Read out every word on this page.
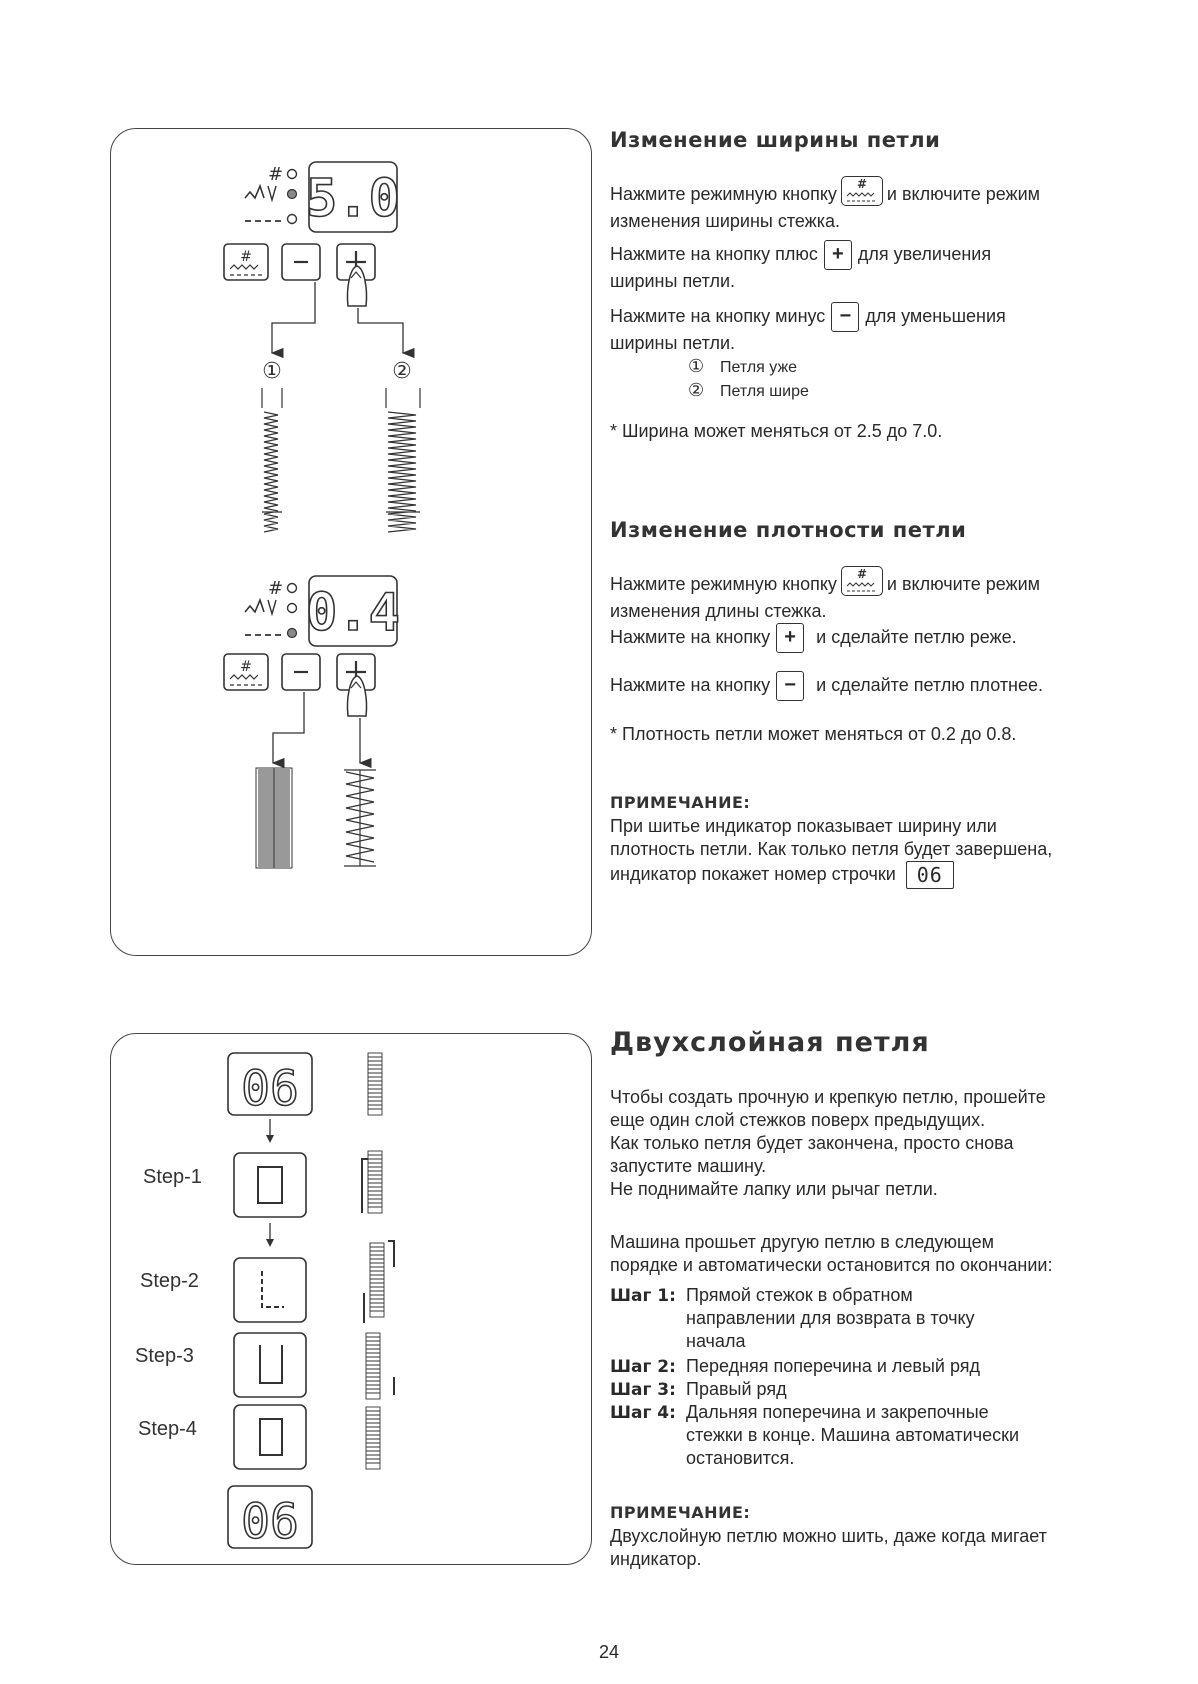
# 5.0
#
①	②
# 0.4
#
Изменение ширины петли
Нажмите режимную кнопку # и включите режим
изменения ширины стежка.
Нажмите на кнопку плюс + для увеличения
ширины петли.
Нажмите на кнопку минус − для уменьшения
ширины петли.
① Петля уже
② Петля шире
* Ширина может меняться от 2.5 до 7.0.
Изменение плотности петли
Нажмите режимную кнопку # и включите режим
изменения длины стежка.
Нажмите на кнопку + и сделайте петлю реже.
Нажмите на кнопку − и сделайте петлю плотнее.
* Плотность петли может меняться от 0.2 до 0.8.
ПРИМЕЧАНИЕ:
При шитье индикатор показывает ширину или
плотность петли. Как только петля будет завершена,
индикатор покажет номер строчки 06
Step-1
Step-2
Step-3
Step-4
06
06
Двухслойная петля
Чтобы создать прочную и крепкую петлю, прошейте
еще один слой стежков поверх предыдущих.
Как только петля будет закончена, просто снова
запустите машину.
Не поднимайте лапку или рычаг петли.
Машина прошьет другую петлю в следующем
порядке и автоматически остановится по окончании:
Шаг 1: Прямой стежок в обратном
направлении для возврата в точку
начала
Шаг 2: Передняя поперечина и левый ряд
Шаг 3: Правый ряд
Шаг 4: Дальняя поперечина и закрепочные
стежки в конце. Машина автоматически
остановится.
ПРИМЕЧАНИЕ:
Двухслойную петлю можно шить, даже когда мигает
индикатор.
24
